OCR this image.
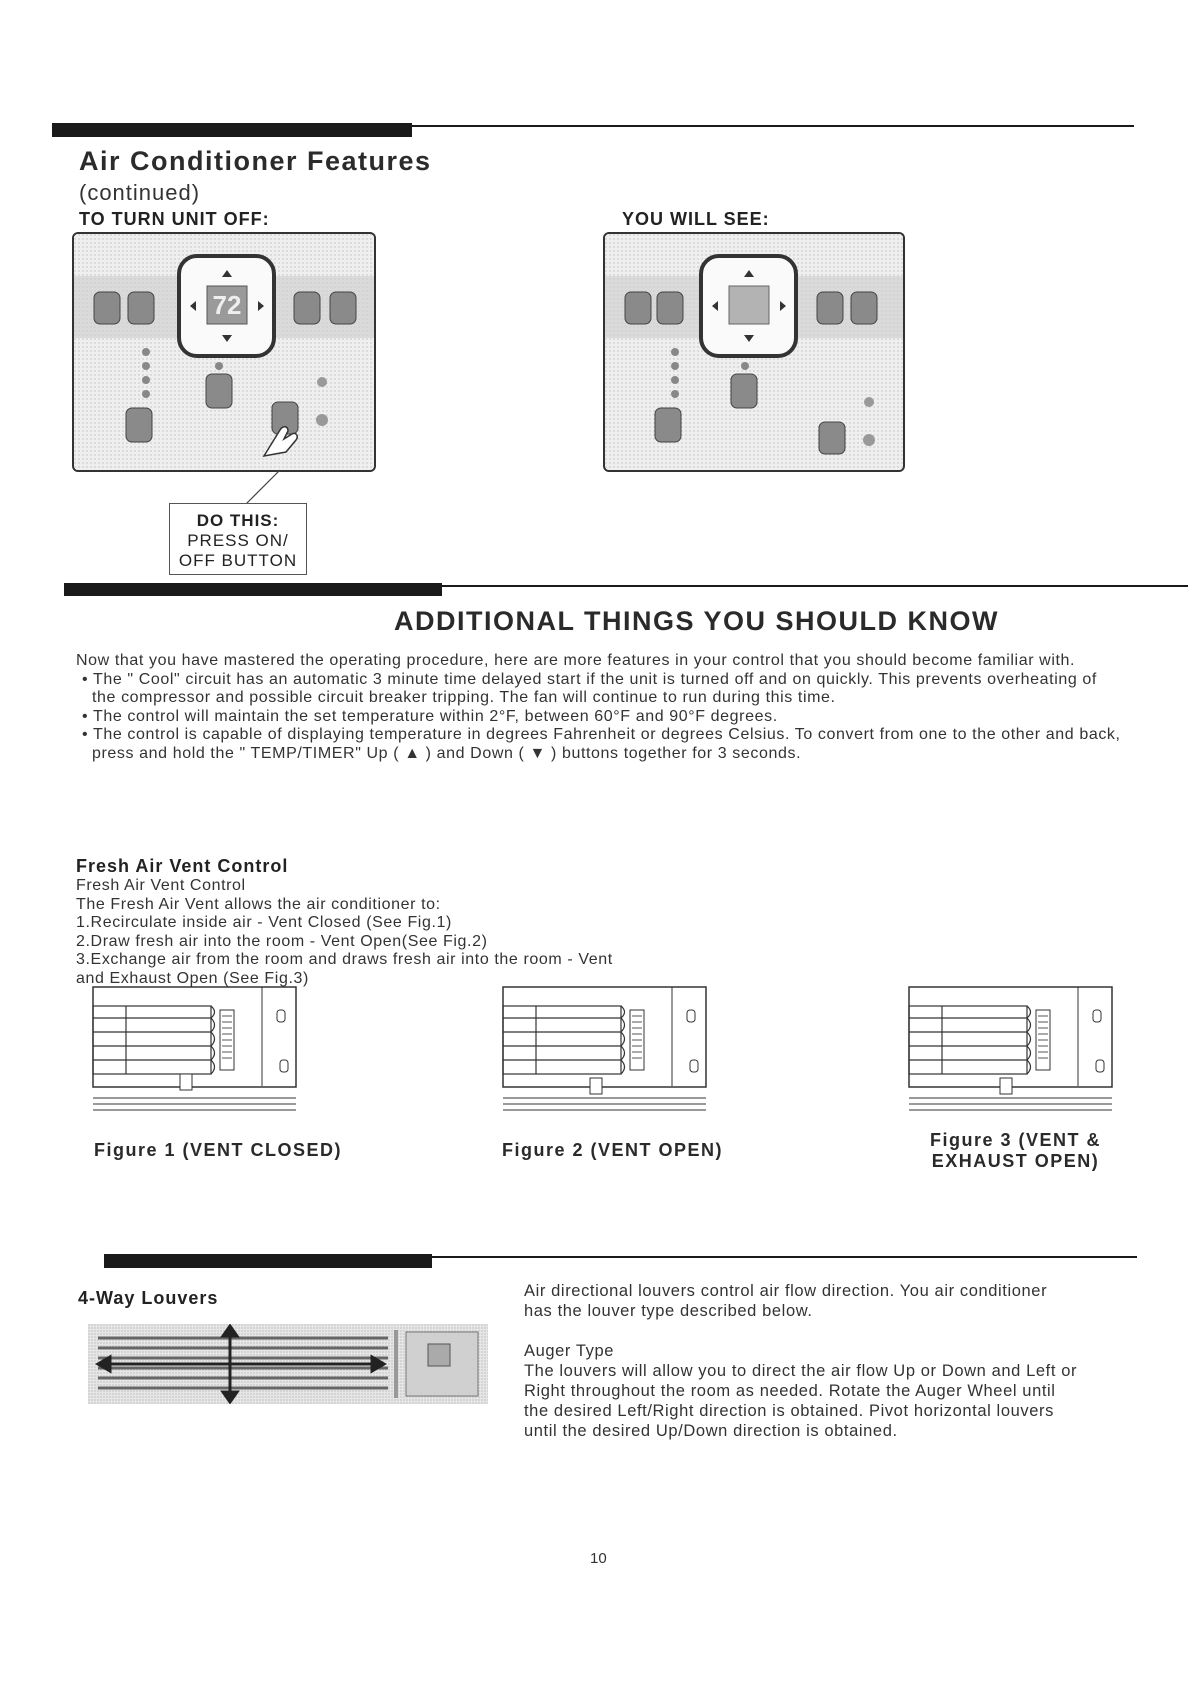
Air Conditioner Features
(continued)
TO TURN UNIT OFF:	YOU WILL SEE:
72
DO THIS:
PRESS ON/
OFF BUTTON
ADDITIONAL THINGS YOU SHOULD KNOW
Now that you have mastered the operating procedure, here are more features in your control that you should become familiar with.
• The " Cool" circuit has an automatic 3 minute time delayed start if the unit is turned off and on quickly. This prevents overheating of the compressor and possible circuit breaker tripping. The fan will continue to run during this time.
• The control will maintain the set temperature within 2°F, between 60°F and 90°F degrees.
• The control is capable of displaying temperature in degrees Fahrenheit or degrees Celsius. To convert from one to the other and back, press and hold the " TEMP/TIMER" Up ( ▲ ) and Down ( ▼ ) buttons together for 3 seconds.
Fresh Air Vent Control
Fresh Air Vent Control
The Fresh Air Vent allows the air conditioner to:
1.Recirculate inside air - Vent Closed (See Fig.1)
2.Draw fresh air into the room - Vent Open(See Fig.2)
3.Exchange air from the room and draws fresh air into the room - Vent
and Exhaust Open (See Fig.3)
Figure 1 (VENT CLOSED)	Figure 2 (VENT OPEN)	Figure 3 (VENT &
EXHAUST OPEN)
4-Way Louvers	Air directional louvers control air flow direction. You air conditioner
has the louver type described below.
Auger Type
The louvers will allow you to direct the air flow Up or Down and Left or
Right throughout the room as needed. Rotate the Auger Wheel until
the desired Left/Right direction is obtained. Pivot horizontal louvers
until the desired Up/Down direction is obtained.
10
